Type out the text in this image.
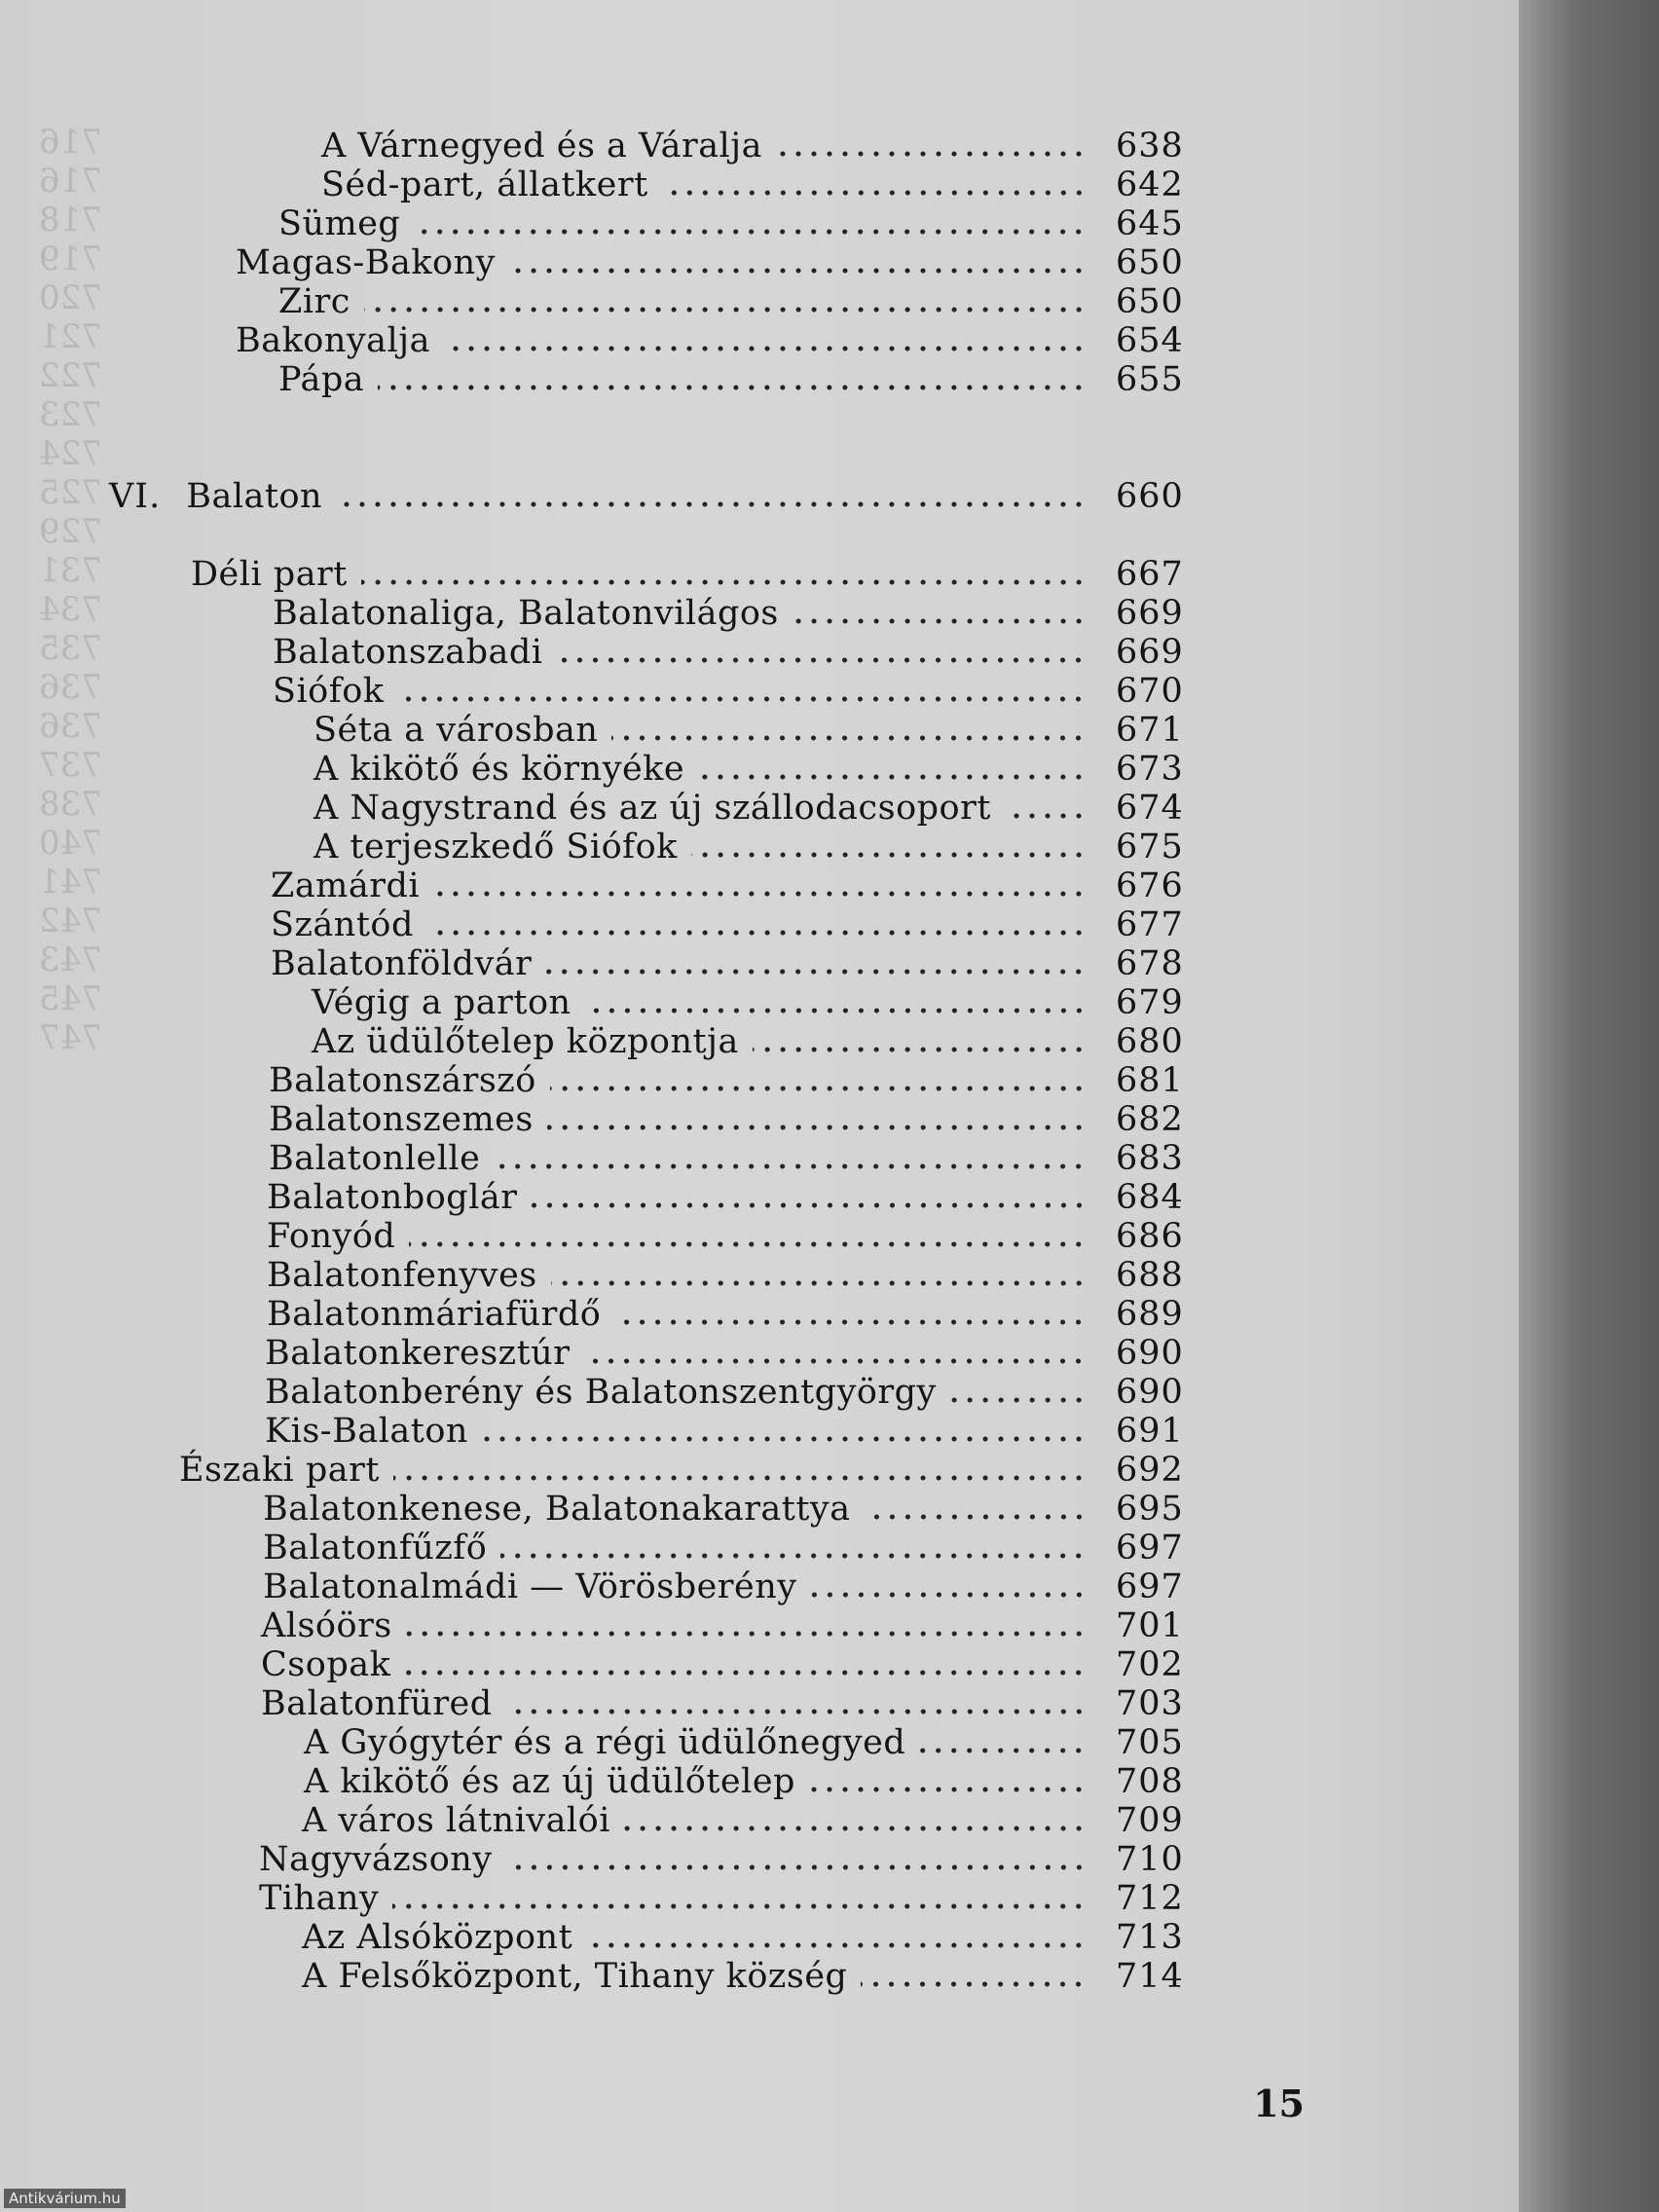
716
716
718
719
720
721
722
723
724
725
729
731
734
735
736
736
737
738
740
741
742
743
745
747
A Várnegyed és a Váralja	638
Séd-part, állatkert	642
Sümeg	645
Magas-Bakony	650
Zirc	650
Bakonyalja	654
Pápa	655
VI. Balaton	660
Déli part	667
Balatonaliga, Balatonvilágos	669
Balatonszabadi	669
Siófok	670
Séta a városban	671
A kikötő és környéke	673
A Nagystrand és az új szállodacsoport	674
A terjeszkedő Siófok	675
Zamárdi	676
Szántód	677
Balatonföldvár	678
Végig a parton	679
Az üdülőtelep központja	680
Balatonszárszó	681
Balatonszemes	682
Balatonlelle	683
Balatonboglár	684
Fonyód	686
Balatonfenyves	688
Balatonmáriafürdő	689
Balatonkeresztúr	690
Balatonberény és Balatonszentgyörgy	690
Kis-Balaton	691
Északi part	692
Balatonkenese, Balatonakarattya	695
Balatonfűzfő	697
Balatonalmádi — Vörösberény	697
Alsóörs	701
Csopak	702
Balatonfüred	703
A Gyógytér és a régi üdülőnegyed	705
A kikötő és az új üdülőtelep	708
A város látnivalói	709
Nagyvázsony	710
Tihany	712
Az Alsóközpont	713
A Felsőközpont, Tihany község	714
15
Antikvárium.hu
